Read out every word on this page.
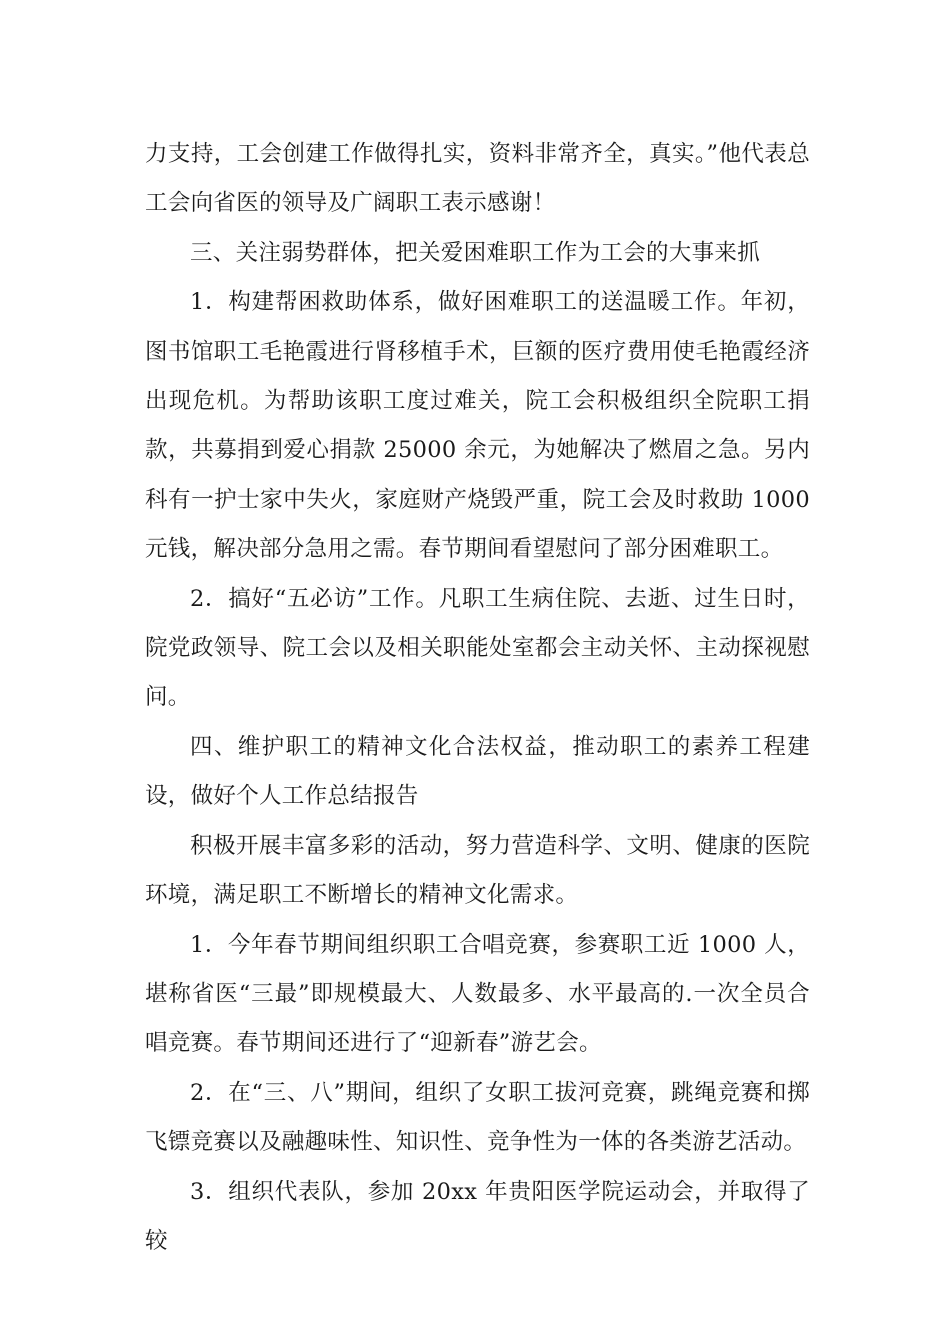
力支持，工会创建工作做得扎实，资料非常齐全，真实。”他代表总工会向省医的领导及广阔职工表示感谢！

三、关注弱势群体，把关爱困难职工作为工会的大事来抓

1．构建帮困救助体系，做好困难职工的送温暖工作。年初，图书馆职工毛艳霞进行肾移植手术，巨额的医疗费用使毛艳霞经济出现危机。为帮助该职工度过难关，院工会积极组织全院职工捐款，共募捐到爱心捐款 25000 余元，为她解决了燃眉之急。另内科有一护士家中失火，家庭财产烧毁严重，院工会及时救助 1000 元钱，解决部分急用之需。春节期间看望慰问了部分困难职工。

2．搞好“五必访”工作。凡职工生病住院、去逝、过生日时，院党政领导、院工会以及相关职能处室都会主动关怀、主动探视慰问。

四、维护职工的精神文化合法权益，推动职工的素养工程建设，做好个人工作总结报告

积极开展丰富多彩的活动，努力营造科学、文明、健康的医院环境，满足职工不断增长的精神文化需求。

1．今年春节期间组织职工合唱竞赛，参赛职工近 1000 人，堪称省医“三最”即规模最大、人数最多、水平最高的.一次全员合唱竞赛。春节期间还进行了“迎新春”游艺会。

2．在“三、八”期间，组织了女职工拔河竞赛，跳绳竞赛和掷飞镖竞赛以及融趣味性、知识性、竞争性为一体的各类游艺活动。

3．组织代表队，参加 20xx 年贵阳医学院运动会，并取得了较
